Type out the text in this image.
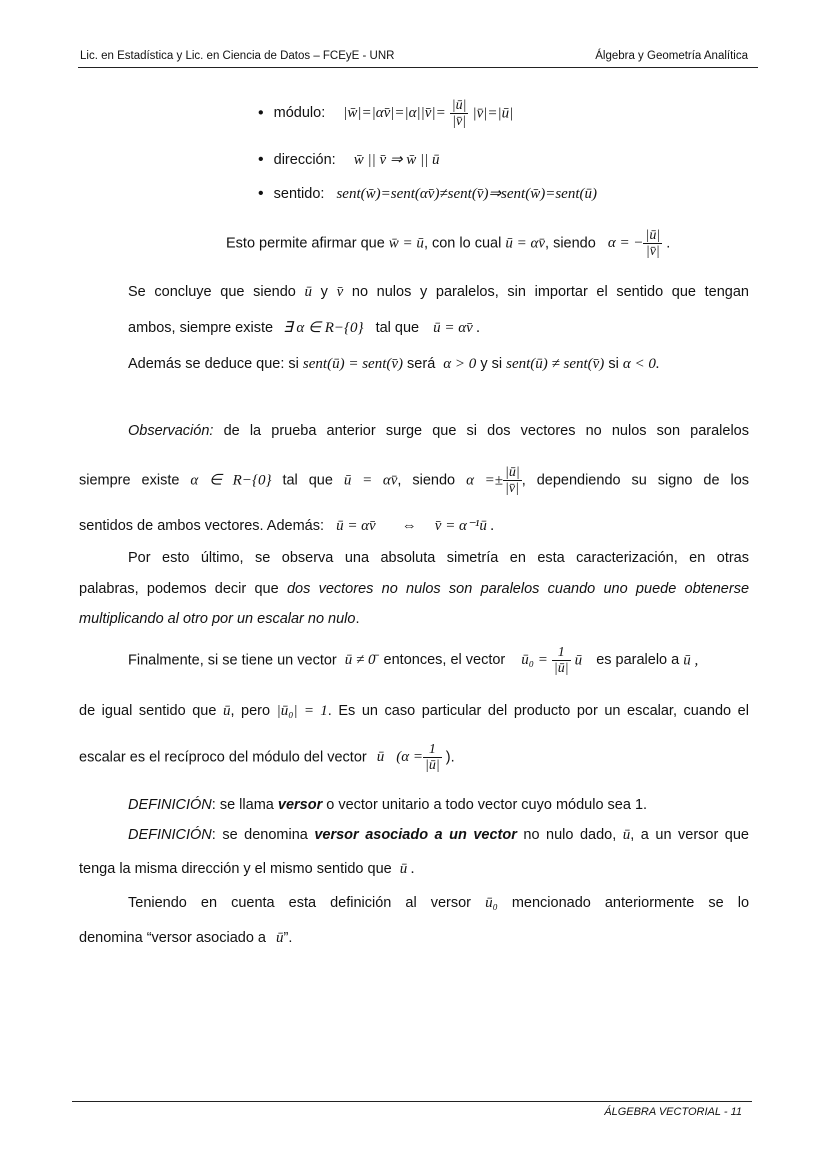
Lic. en Estadística y Lic. en Ciencia de Datos – FCEyE - UNR	Álgebra y Geometría Analítica
• módulo: |w̄|=|αv̄|=|α||v̄|= $\frac{|ū|}{|v̄|}$ |v̄|=|ū|
• dirección: w̄ || v̄ ⇒ w̄ || ū
• sentido: sent(w̄)=sent(αv̄)≠sent(v̄)⇒sent(w̄)=sent(ū)
Esto permite afirmar que w̄ = ū, con lo cual ū = αv̄, siendo α = − $\frac{|ū|}{|v̄|}$ .
Se concluye que siendo ū y v̄ no nulos y paralelos, sin importar el sentido que tengan
ambos, siempre existe ∃ α ∈ R−{0} tal que ū = αv̄ .
Además se deduce que: si sent(ū) = sent(v̄) será α > 0 y si sent(ū) ≠ sent(v̄) si α < 0.
Observación: de la prueba anterior surge que si dos vectores no nulos son paralelos
siempre existe α ∈ R−{0} tal que ū = αv̄, siendo $\alpha =\pm \frac{|ū|}{|v̄|}$ , dependiendo su signo de los
sentidos de ambos vectores. Además: ū = αv̄ ⇔ v̄ = α⁻¹ū .
Por esto último, se observa una absoluta simetría en esta caracterización, en otras
palabras, podemos decir que dos vectores no nulos son paralelos cuando uno puede obtenerse
multiplicando al otro por un escalar no nulo.
Finalmente, si se tiene un vector ū ≠ 0̄ entonces, el vector ū₀ = $\frac{1}{|ū|}$ ū es paralelo a ū ,
de igual sentido que ū, pero |ū₀| = 1. Es un caso particular del producto por un escalar, cuando el
escalar es el recíproco del módulo del vector ū ($\alpha = \frac{1}{|ū|}$ ).
DEFINICIÓN: se llama versor o vector unitario a todo vector cuyo módulo sea 1.
DEFINICIÓN: se denomina versor asociado a un vector no nulo dado, ū, a un versor que
tenga la misma dirección y el mismo sentido que ū .
Teniendo en cuenta esta definición al versor ū₀ mencionado anteriormente se lo
denomina “versor asociado a ū”.
ÁLGEBRA VECTORIAL - 11
